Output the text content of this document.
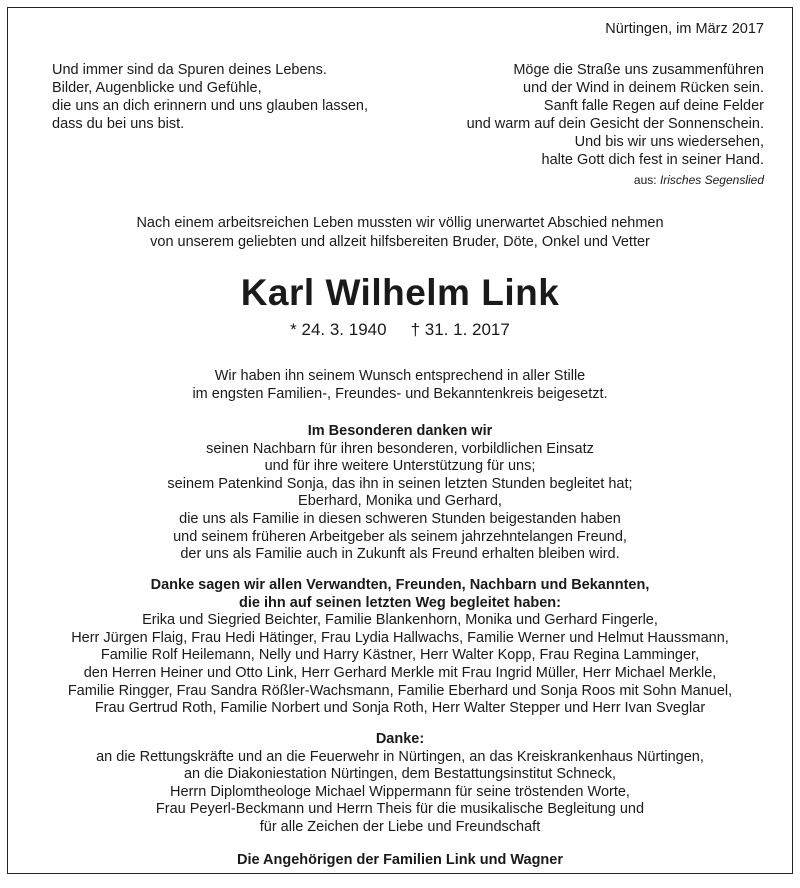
Nürtingen, im März 2017
Und immer sind da Spuren deines Lebens.
Bilder, Augenblicke und Gefühle,
die uns an dich erinnern und uns glauben lassen,
dass du bei uns bist.
Möge die Straße uns zusammenführen
und der Wind in deinem Rücken sein.
Sanft falle Regen auf deine Felder
und warm auf dein Gesicht der Sonnenschein.
Und bis wir uns wiedersehen,
halte Gott dich fest in seiner Hand.
aus: Irisches Segenslied
Nach einem arbeitsreichen Leben mussten wir völlig unerwartet Abschied nehmen
von unserem geliebten und allzeit hilfsbereiten Bruder, Döte, Onkel und Vetter
Karl Wilhelm Link
* 24. 3. 1940 † 31. 1. 2017
Wir haben ihn seinem Wunsch entsprechend in aller Stille
im engsten Familien-, Freundes- und Bekanntenkreis beigesetzt.
Im Besonderen danken wir
seinen Nachbarn für ihren besonderen, vorbildlichen Einsatz
und für ihre weitere Unterstützung für uns;
seinem Patenkind Sonja, das ihn in seinen letzten Stunden begleitet hat;
Eberhard, Monika und Gerhard,
die uns als Familie in diesen schweren Stunden beigestanden haben
und seinem früheren Arbeitgeber als seinem jahrzehntelangen Freund,
der uns als Familie auch in Zukunft als Freund erhalten bleiben wird.
Danke sagen wir allen Verwandten, Freunden, Nachbarn und Bekannten,
die ihn auf seinen letzten Weg begleitet haben:
Erika und Siegried Beichter, Familie Blankenhorn, Monika und Gerhard Fingerle,
Herr Jürgen Flaig, Frau Hedi Hätinger, Frau Lydia Hallwachs, Familie Werner und Helmut Haussmann,
Familie Rolf Heilemann, Nelly und Harry Kästner, Herr Walter Kopp, Frau Regina Lamminger,
den Herren Heiner und Otto Link, Herr Gerhard Merkle mit Frau Ingrid Müller, Herr Michael Merkle,
Familie Ringger, Frau Sandra Rößler-Wachsmann, Familie Eberhard und Sonja Roos mit Sohn Manuel,
Frau Gertrud Roth, Familie Norbert und Sonja Roth, Herr Walter Stepper und Herr Ivan Sveglar
Danke:
an die Rettungskräfte und an die Feuerwehr in Nürtingen, an das Kreiskrankenhaus Nürtingen,
an die Diakoniestation Nürtingen, dem Bestattungsinstitut Schneck,
Herrn Diplomtheologe Michael Wippermann für seine tröstenden Worte,
Frau Peyerl-Beckmann und Herrn Theis für die musikalische Begleitung und
für alle Zeichen der Liebe und Freundschaft
Die Angehörigen der Familien Link und Wagner
